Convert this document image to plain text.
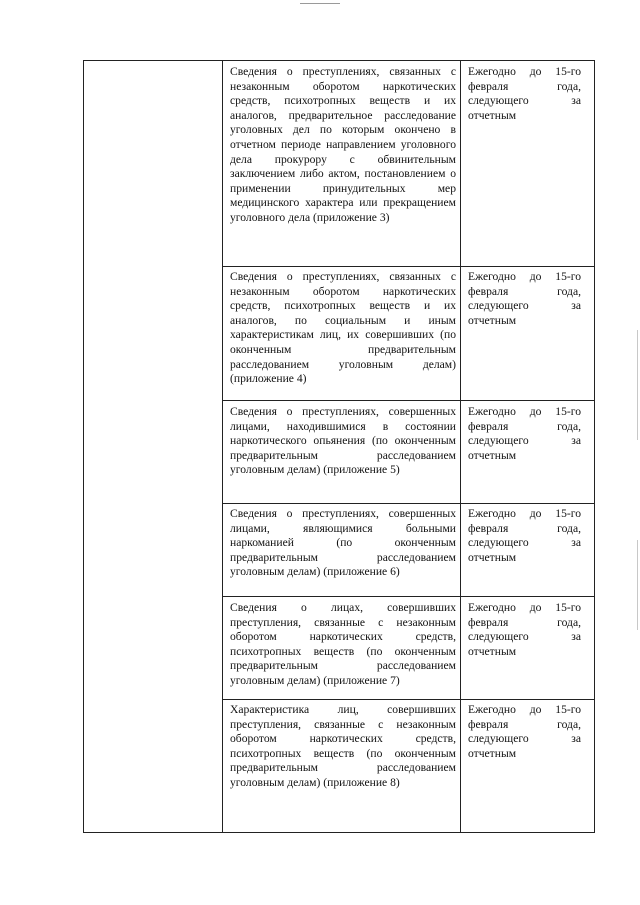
Сведения о преступлениях, связанных с незаконным оборотом наркотических средств, психотропных веществ и их аналогов, предварительное расследование уголовных дел по которым окончено в отчетном периоде направлением уголовного дела прокурору с обвинительным заключением либо актом, постановлением о применении принудительных мер медицинского характера или прекращением уголовного дела (приложение 3)
Ежегодно до 15-го февраля года, следующего за отчетным
Сведения о преступлениях, связанных с незаконным оборотом наркотических средств, психотропных веществ и их аналогов, по социальным и иным характеристикам лиц, их совершивших (по оконченным предварительным расследованием уголовным делам) (приложение 4)
Ежегодно до 15-го февраля года, следующего за отчетным
Сведения о преступлениях, совершенных лицами, находившимися в состоянии наркотического опьянения (по оконченным предварительным расследованием уголовным делам) (приложение 5)
Ежегодно до 15-го февраля года, следующего за отчетным
Сведения о преступлениях, совершенных лицами, являющимися больными наркоманией (по оконченным предварительным расследованием уголовным делам) (приложение 6)
Ежегодно до 15-го февраля года, следующего за отчетным
Сведения о лицах, совершивших преступления, связанные с незаконным оборотом наркотических средств, психотропных веществ (по оконченным предварительным расследованием уголовным делам) (приложение 7)
Ежегодно до 15-го февраля года, следующего за отчетным
Характеристика лиц, совершивших преступления, связанные с незаконным оборотом наркотических средств, психотропных веществ (по оконченным предварительным расследованием уголовным делам) (приложение 8)
Ежегодно до 15-го февраля года, следующего за отчетным
